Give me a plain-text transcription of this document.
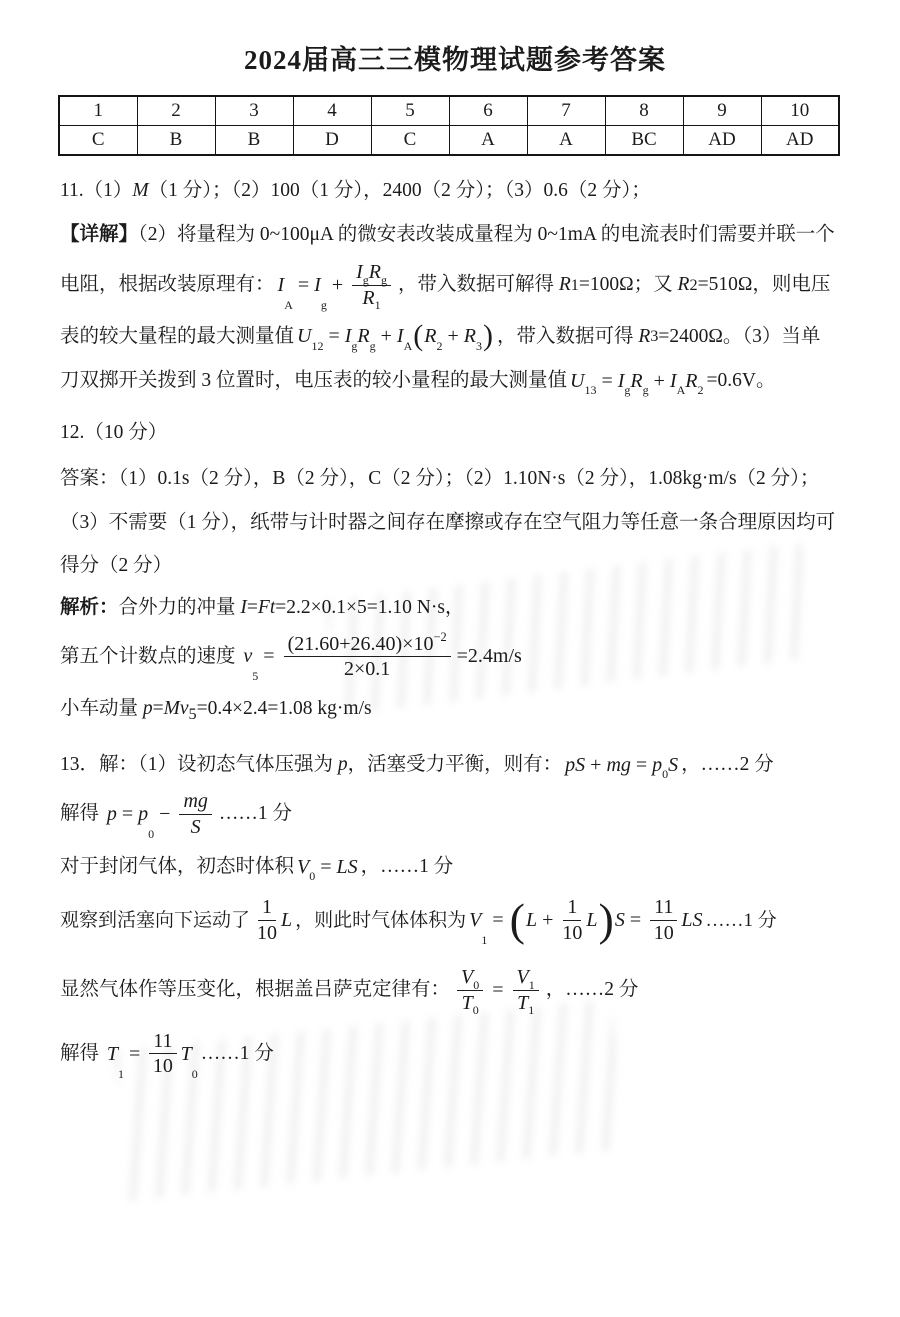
2024届高三三模物理试题参考答案
1	2	3	4	5	6	7	8	9	10
C	B	B	D	C	A	A	BC	AD	AD

11.（1）M（1 分）；（2）100（1 分），2400（2 分）；（3）0.6（2 分）；

【详解】（2）将量程为 0~100μA 的微安表改装成量程为 0~1mA 的电流表时们需要并联一个

电阻，根据改装原理有： I
A
= I
g
+ $\frac{I_g R_g}{R_1}$ ，带入数据可解得 R 1 =100Ω；又 R 2 =510Ω，则电压

表的较大量程的最大测量值 $U_{12} = I_g$ $R_g + I_A$ ( $R_2 + R_3$ ) ，带入数据可得 R 3 =2400Ω。（3）当单

刀双掷开关拨到 3 位置时，电压表的较小量程的最大测量值 $U_{13} = I_g$ $R_g + I_A$ $R_2 =0.6V$。

12.（10 分）

答案：（1）0.1s（2 分），B（2 分），C（2 分）；（2）1.10N·s（2 分），1.08kg·m/s（2 分）；

（3）不需要（1 分），纸带与计时器之间存在摩擦或存在空气阻力等任意一条合理原因均可

得分（2 分）

解析：合外力的冲量 I=Ft=2.2×0.1×5=1.10 N·s，

第五个计数点的速度 v
5
= $\frac{(21.60+26.40)\times 10^{-2}}{2\times 0.1} =2.4m/s$

小车动量 $p=Mv_5=0.4\times 2.4=1.08$ kg·m/s

13．解：（1）设初态气体压强为 p ，活塞受力平衡，则有： p S + mg = $p_0$ S ，……2 分

解得 p = p
0
− $\frac{mg}{S}$ ……1 分

对于封闭气体，初态时体积 $V_0$ = LS ，……1 分

观察到活塞向下运动了 $\frac{1}{10}$ L ，则此时气体体积为 V
1
= ( $L + \frac{1}{10}$ L ) $S = \frac{11}{10}$ LS ……1 分

显然气体作等压变化，根据盖吕萨克定律有： $\frac{V_0}{T_0} = \frac{V_1}{T_1}$ ，……2 分

解得 T
1
= $\frac{11}{10}$ T
0
……1 分
